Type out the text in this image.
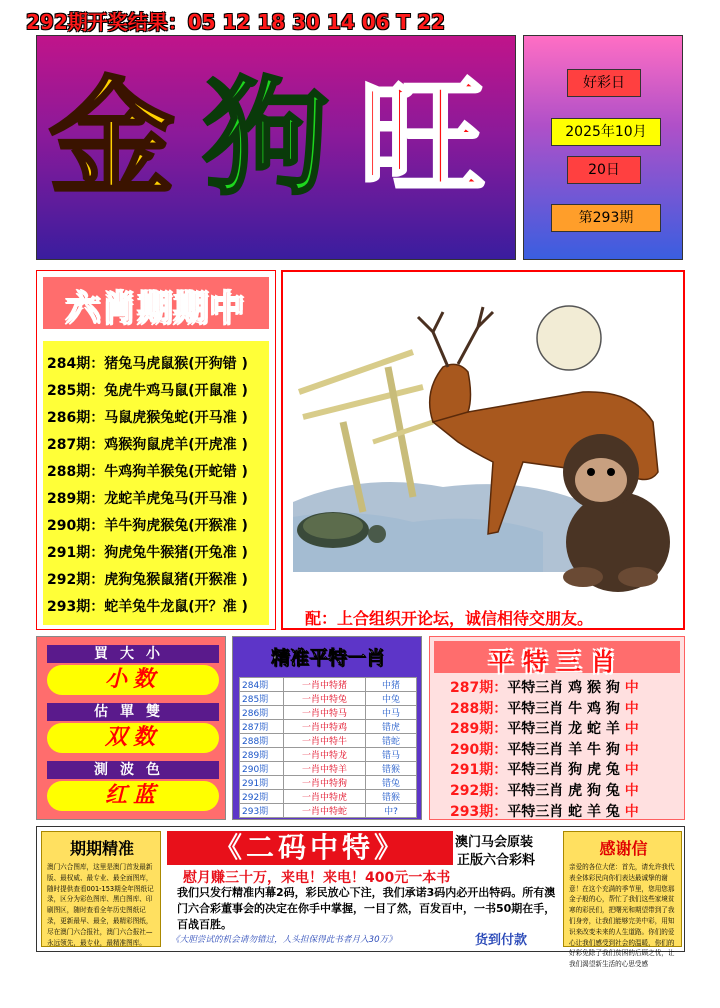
292期开奖结果：05 12 18 30 14 06 T 22
金 狗 旺	好彩日
2025年10月
20日
第293期
六肖期期中
284期：猪兔马虎鼠猴(开狗错 )
285期：兔虎牛鸡马鼠(开鼠准 )
286期：马鼠虎猴兔蛇(开马准 )
287期：鸡猴狗鼠虎羊(开虎准 )
288期：牛鸡狗羊猴兔(开蛇错 )
289期：龙蛇羊虎兔马(开马准 )
290期：羊牛狗虎猴兔(开猴准 )
291期：狗虎兔牛猴猪(开兔准 )
292期：虎狗兔猴鼠猪(开猴准 )
293期：蛇羊兔牛龙鼠(开？准 )
配：上合组织开论坛，诚信相待交朋友。
買大小
小数
估單雙
双数
測波色
红蓝
精准平特一肖
284期	一肖中特猪	中猪
285期	一肖中特兔	中兔
286期	一肖中特马	中马
287期	一肖中特鸡	错虎
288期	一肖中特牛	错蛇
289期	一肖中特龙	错马
290期	一肖中特羊	错猴
291期	一肖中特狗	错兔
292期	一肖中特虎	错猴
293期	一肖中特蛇	中?
平特三肖
287期：平特三肖 鸡 猴 狗 中
288期：平特三肖 牛 鸡 狗 中
289期：平特三肖 龙 蛇 羊 中
290期：平特三肖 羊 牛 狗 中
291期：平特三肖 狗 虎 兔 中
292期：平特三肖 虎 狗 兔 中
293期：平特三肖 蛇 羊 兔 中
期期精准
澳门六合图库，这里是澳门首发最新版、最权威、最专业、最全面图库，随时提供查看001-153期全年图纸记录，区分为彩色图库、黑白图库、印刷图区，随时查看全年历史图纸记录，更新最早、最全，最精彩图纸，尽在澳门六合报社，澳门六合报社—永远领先，最专业，最精准图库。
《二码中特》	澳门马会原装
正版六合彩料
慰月赚三十万，来电！来电！400元一本书
我们只发行精准内幕2码，彩民放心下注，我们承诺3码内必开出特码。所有澳门六合彩董事会的决定在你手中掌握，一目了然，百发百中，一书50期在手，百战百胜。
《大胆尝试的机会请勿错过，人头担保得此书者月入30万》	货到付款
感谢信
亲爱的各位大佬：首先，请允许我代表全体彩民向你们表达最诚挚的谢意！在这个充满的季节里，您用您那金子般的心，帮忙了我们这些家境贫寒的彩民们，把曙光和期望带到了我们身旁，让我们能够完美中彩，用知识来改变未来的人生道路。你们的爱心让我们感受到社会的温暖，你们的好彩免除了我们贫困的后顾之忧，让我们渴望新生活的心思受感
